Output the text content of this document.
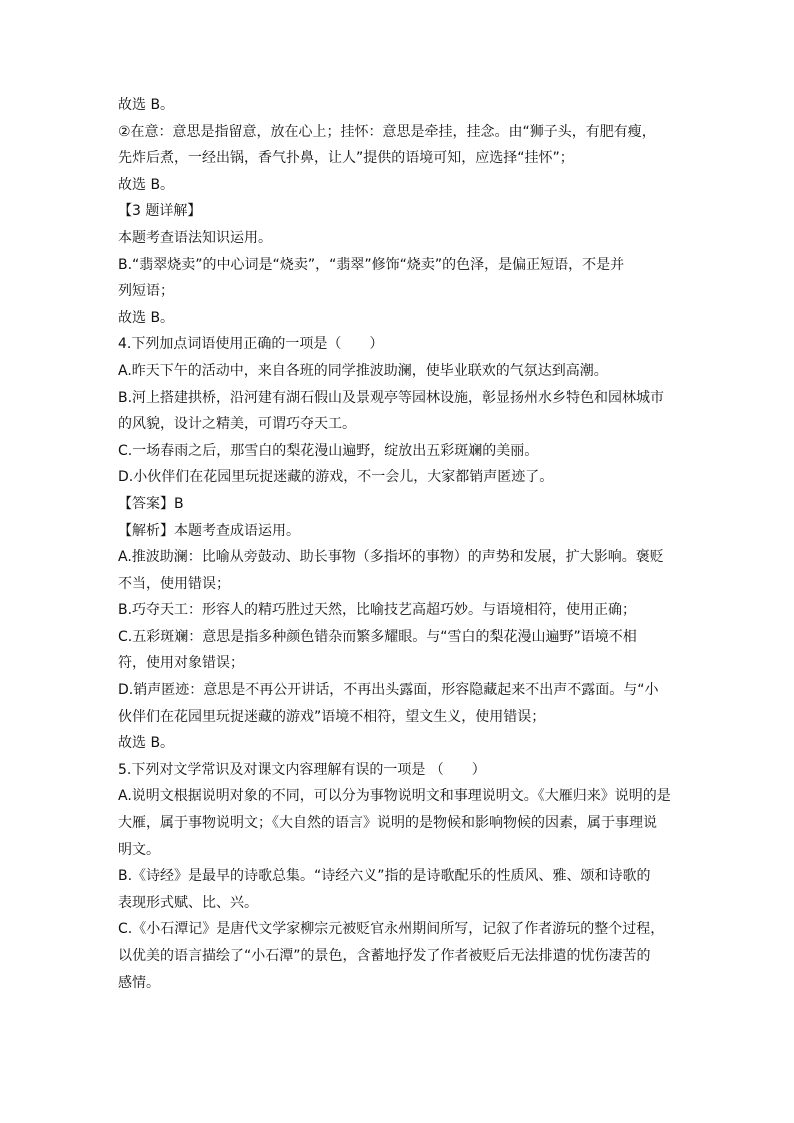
故选 B。
②在意：意思是指留意，放在心上；挂怀：意思是牵挂，挂念。由“狮子头，有肥有瘦，
先炸后煮，一经出锅，香气扑鼻，让人”提供的语境可知，应选择“挂怀”；
故选 B。
【3 题详解】
本题考查语法知识运用。
B.“翡翠烧卖”的中心词是“烧卖”，“翡翠”修饰“烧卖”的色泽，是偏正短语，不是并
列短语；
故选 B。
4.下列加点词语使用正确的一项是（　　）
A.昨天下午的活动中，来自各班的同学推波助澜，使毕业联欢的气氛达到高潮。
B.河上搭建拱桥，沿河建有湖石假山及景观亭等园林设施，彰显扬州水乡特色和园林城市
的风貌，设计之精美，可谓巧夺天工。
C.一场春雨之后，那雪白的梨花漫山遍野，绽放出五彩斑斓的美丽。
D.小伙伴们在花园里玩捉迷藏的游戏，不一会儿，大家都销声匿迹了。
【答案】B
【解析】本题考查成语运用。
A.推波助澜：比喻从旁鼓动、助长事物（多指坏的事物）的声势和发展，扩大影响。褒贬
不当，使用错误；
B.巧夺天工：形容人的精巧胜过天然，比喻技艺高超巧妙。与语境相符，使用正确；
C.五彩斑斓：意思是指多种颜色错杂而繁多耀眼。与“雪白的梨花漫山遍野”语境不相
符，使用对象错误；
D.销声匿迹：意思是不再公开讲话，不再出头露面，形容隐藏起来不出声不露面。与“小
伙伴们在花园里玩捉迷藏的游戏”语境不相符，望文生义，使用错误；
故选 B。
5.下列对文学常识及对课文内容理解有误的一项是 （　　）
A.说明文根据说明对象的不同，可以分为事物说明文和事理说明文。《大雁归来》说明的是
大雁，属于事物说明文；《大自然的语言》说明的是物候和影响物候的因素，属于事理说
明文。
B.《诗经》是最早的诗歌总集。“诗经六义”指的是诗歌配乐的性质风、雅、颂和诗歌的
表现形式赋、比、兴。
C.《小石潭记》是唐代文学家柳宗元被贬官永州期间所写，记叙了作者游玩的整个过程，
以优美的语言描绘了“小石潭”的景色，含蓄地抒发了作者被贬后无法排遣的忧伤凄苦的
感情。
